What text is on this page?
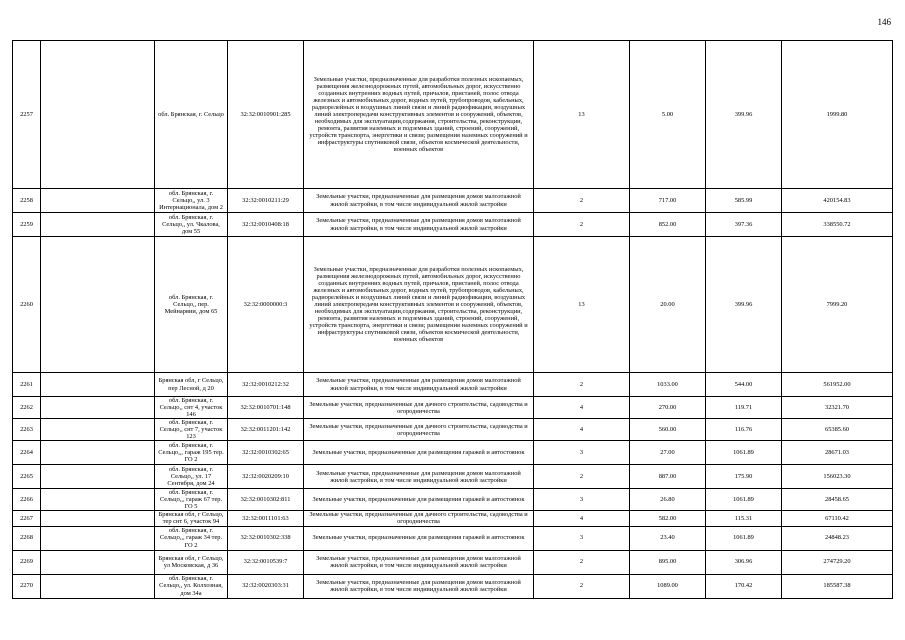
146
2257		обл. Брянская, г. Сельцо	32:32:0010901:285	Земельные участки, предназначенные для разработки полезных ископаемых, размещения железнодорожных путей, автомобильных дорог, искусственно созданных внутренних водных путей, причалов, пристаней, полос отвода железных и автомобильных дорог, водных путей, трубопроводов, кабельных, радиорелейных и воздушных линий связи и линий радиофикации, воздушных линий электропередачи конструктивных элементов и сооружений, объектов, необходимых для эксплуатации,содержания, строительства, реконструкции, ремонта, развития наземных и подземных зданий, строений, сооружений, устройств транспорта, энергетики и связи; размещения наземных сооружений и инфраструктуры спутниковой связи, объектов космической деятельности, военных объектов	13	5.00	399.96	1999.80
2258		обл. Брянская, г. Сельцо,, ул. 3 Интернационала, дом 2	32:32:0010211:29	Земельные участки, предназначенные для размещения домов малоэтажной жилой застройки, в том числе индивидуальной жилой застройки	2	717.00	585.99	420154.83
2259		обл. Брянская, г. Сельцо,, ул. Чкалова, дом 55	32:32:0010408:18	Земельные участки, предназначенные для размещения домов малоэтажной жилой застройки, в том числе индивидуальной жилой застройки	2	852.00	397.36	338550.72
2260		обл. Брянская, г. Сельцо,, пер. Мейнарвии, дом 65	32:32:0000000:3	Земельные участки, предназначенные для разработки полезных ископаемых, размещения железнодорожных путей, автомобильных дорог, искусственно созданных внутренних водных путей, причалов, пристаней, полос отвода железных и автомобильных дорог, водных путей, трубопроводов, кабельных, радиорелейных и воздушных линий связи и линий радиофикации, воздушных линий электропередачи конструктивных элементов и сооружений, объектов, необходимых для эксплуатации,содержания, строительства, реконструкции, ремонта, развития наземных и подземных зданий, строений, сооружений, устройств транспорта, энергетики и связи; размещения наземных сооружений и инфраструктуры спутниковой связи, объектов космической деятельности, военных объектов	13	20.00	399.96	7999.20
2261		Брянская обл, г Сельцо, пер Лесной, д 20	32:32:0010212:32	Земельные участки, предназначенные для размещения домов малоэтажной жилой застройки, в том числе индивидуальной жилой застройки	2	1033.00	544.00	561952.00
2262		обл. Брянская, г. Сельцо,, снт 4, участок 146	32:32:0010701:148	Земельные участки, предназначенные для дачного строительства, садоводства и огородничества	4	270.00	119.71	32321.70
2263		обл. Брянская, г. Сельцо,, снт 7, участок 123	32:32:0011201:142	Земельные участки, предназначенные для дачного строительства, садоводства и огородничества	4	560.00	116.76	65385.60
2264		обл. Брянская, г. Сельцо,,, гараж 195 тер. ГО 2	32:32:0010302:65	Земельные участки, предназначенные для размещения гаражей и автостоянок	3	27.00	1061.89	28671.03
2265		обл. Брянская, г. Сельцо,, ул. 17 Сентября, дом 24	32:32:0020209:10	Земельные участки, предназначенные для размещения домов малоэтажной жилой застройки, в том числе индивидуальной жилой застройки	2	887.00	175.90	156023.30
2266		обл. Брянская, г. Сельцо,,, гараж 67 тер. ГО 5	32:32:0010302:811	Земельные участки, предназначенные для размещения гаражей и автостоянок	3	26.80	1061.89	28458.65
2267		Брянская обл, г Сельцо, тер снт 6, участок 94	32:32:0011101:63	Земельные участки, предназначенные для дачного строительства, садоводства и огородничества	4	582.00	115.31	67110.42
2268		обл. Брянская, г. Сельцо,,, гараж 34 тер. ГО 2	32:32:0010302:338	Земельные участки, предназначенные для размещения гаражей и автостоянок	3	23.40	1061.89	24848.23
2269		Брянская обл, г Сельцо, ул Московская, д 36	32:32:0010539:7	Земельные участки, предназначенные для размещения домов малоэтажной жилой застройки, в том числе индивидуальной жилой застройки	2	895.00	306.96	274729.20
2270		обл. Брянская, г. Сельцо,, ул. Колхозная, дом 34а	32:32:0020303:31	Земельные участки, предназначенные для размещения домов малоэтажной жилой застройки, в том числе индивидуальной жилой застройки	2	1089.00	170.42	185587.38
